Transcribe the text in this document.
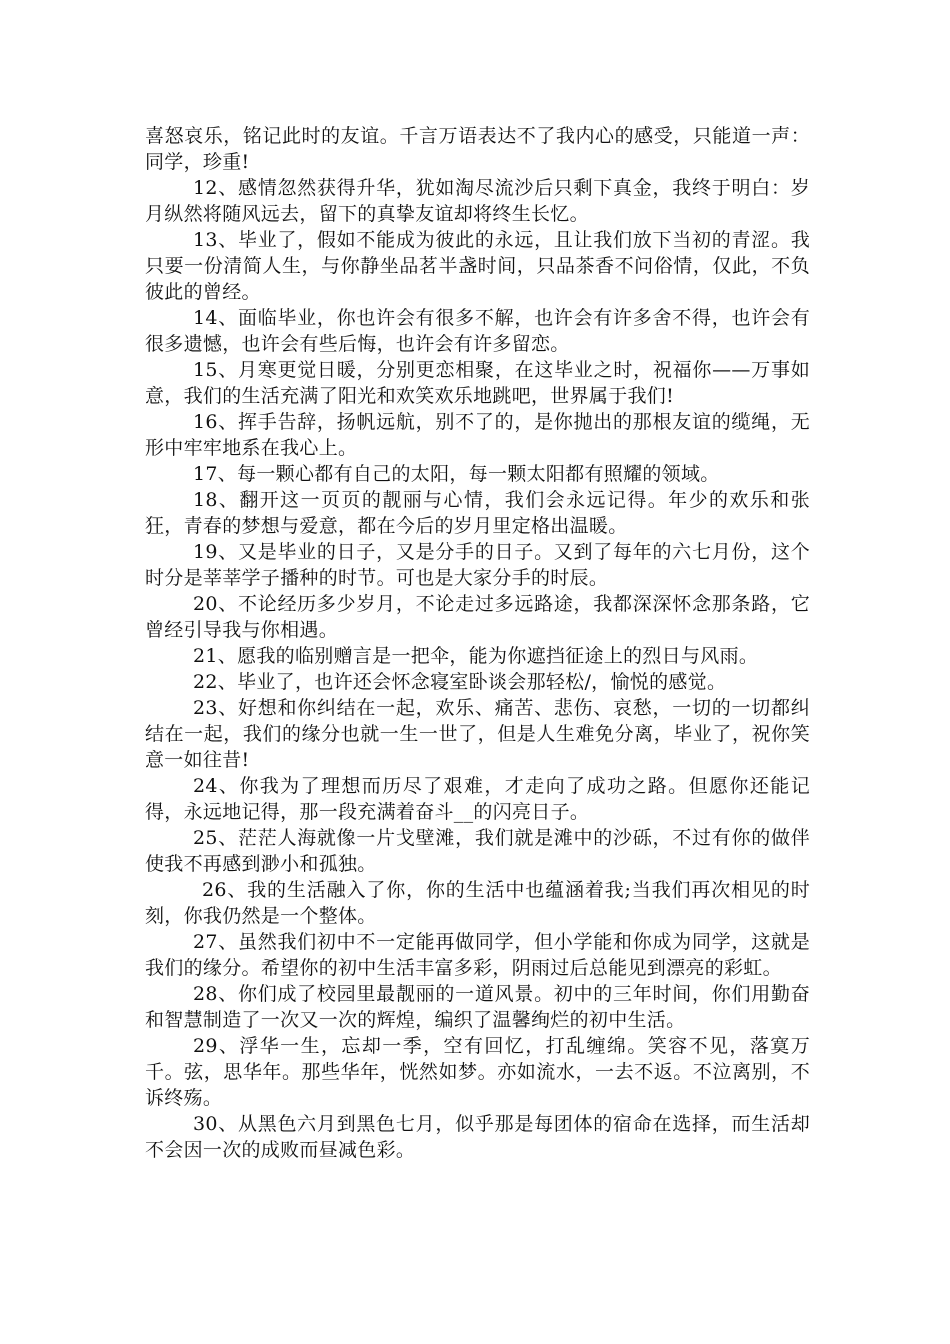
喜怒哀乐，铭记此时的友谊。千言万语表达不了我内心的感受，只能道一声：同学，珍重!

12、感情忽然获得升华，犹如淘尽流沙后只剩下真金，我终于明白：岁月纵然将随风远去，留下的真挚友谊却将终生长忆。

13、毕业了，假如不能成为彼此的永远，且让我们放下当初的青涩。我只要一份清简人生，与你静坐品茗半盏时间，只品茶香不问俗情，仅此，不负彼此的曾经。

14、面临毕业，你也许会有很多不解，也许会有许多舍不得，也许会有很多遗憾，也许会有些后悔，也许会有许多留恋。

15、月寒更觉日暖，分别更恋相聚，在这毕业之时，祝福你——万事如意，我们的生活充满了阳光和欢笑欢乐地跳吧，世界属于我们!

16、挥手告辞，扬帆远航，别不了的，是你抛出的那根友谊的缆绳，无形中牢牢地系在我心上。

17、每一颗心都有自己的太阳，每一颗太阳都有照耀的领域。

18、翻开这一页页的靓丽与心情，我们会永远记得。年少的欢乐和张狂，青春的梦想与爱意，都在今后的岁月里定格出温暖。

19、又是毕业的日子，又是分手的日子。又到了每年的六七月份，这个时分是莘莘学子播种的时节。可也是大家分手的时辰。

20、不论经历多少岁月，不论走过多远路途，我都深深怀念那条路，它曾经引导我与你相遇。

21、愿我的临别赠言是一把伞，能为你遮挡征途上的烈日与风雨。

22、毕业了，也许还会怀念寝室卧谈会那轻松/，愉悦的感觉。

23、好想和你纠结在一起，欢乐、痛苦、悲伤、哀愁，一切的一切都纠结在一起，我们的缘分也就一生一世了，但是人生难免分离，毕业了，祝你笑意一如往昔!

24、你我为了理想而历尽了艰难，才走向了成功之路。但愿你还能记得，永远地记得，那一段充满着奋斗__的闪亮日子。

25、茫茫人海就像一片戈壁滩，我们就是滩中的沙砾，不过有你的做伴使我不再感到渺小和孤独。

26、我的生活融入了你，你的生活中也蕴涵着我;当我们再次相见的时刻，你我仍然是一个整体。

27、虽然我们初中不一定能再做同学，但小学能和你成为同学，这就是我们的缘分。希望你的初中生活丰富多彩，阴雨过后总能见到漂亮的彩虹。

28、你们成了校园里最靓丽的一道风景。初中的三年时间，你们用勤奋和智慧制造了一次又一次的辉煌，编织了温馨绚烂的初中生活。

29、浮华一生，忘却一季，空有回忆，打乱缠绵。笑容不见，落寞万千。弦，思华年。那些华年，恍然如梦。亦如流水，一去不返。不泣离别，不诉终殇。

30、从黑色六月到黑色七月，似乎那是每团体的宿命在选择，而生活却不会因一次的成败而昼减色彩。
